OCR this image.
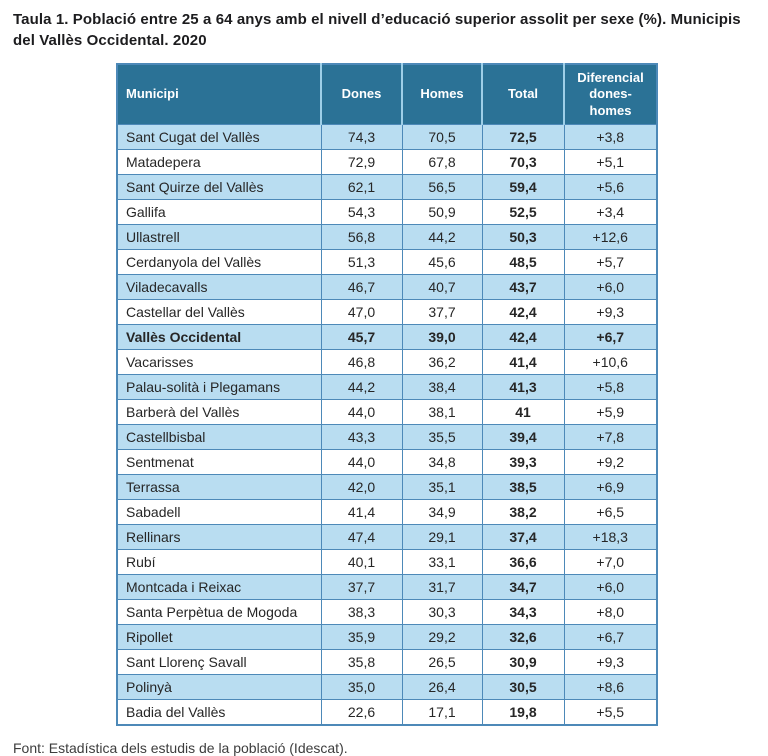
Taula 1. Població entre 25 a 64 anys amb el nivell d’educació superior assolit per sexe (%). Municipis del Vallès Occidental. 2020

Municipi	Dones	Homes	Total	Diferencial dones-homes
Sant Cugat del Vallès	74,3	70,5	72,5	+3,8
Matadepera	72,9	67,8	70,3	+5,1
Sant Quirze del Vallès	62,1	56,5	59,4	+5,6
Gallifa	54,3	50,9	52,5	+3,4
Ullastrell	56,8	44,2	50,3	+12,6
Cerdanyola del Vallès	51,3	45,6	48,5	+5,7
Viladecavalls	46,7	40,7	43,7	+6,0
Castellar del Vallès	47,0	37,7	42,4	+9,3
Vallès Occidental	45,7	39,0	42,4	+6,7
Vacarisses	46,8	36,2	41,4	+10,6
Palau-solità i Plegamans	44,2	38,4	41,3	+5,8
Barberà del Vallès	44,0	38,1	41	+5,9
Castellbisbal	43,3	35,5	39,4	+7,8
Sentmenat	44,0	34,8	39,3	+9,2
Terrassa	42,0	35,1	38,5	+6,9
Sabadell	41,4	34,9	38,2	+6,5
Rellinars	47,4	29,1	37,4	+18,3
Rubí	40,1	33,1	36,6	+7,0
Montcada i Reixac	37,7	31,7	34,7	+6,0
Santa Perpètua de Mogoda	38,3	30,3	34,3	+8,0
Ripollet	35,9	29,2	32,6	+6,7
Sant Llorenç Savall	35,8	26,5	30,9	+9,3
Polinyà	35,0	26,4	30,5	+8,6
Badia del Vallès	22,6	17,1	19,8	+5,5

Font: Estadística dels estudis de la població (Idescat).
